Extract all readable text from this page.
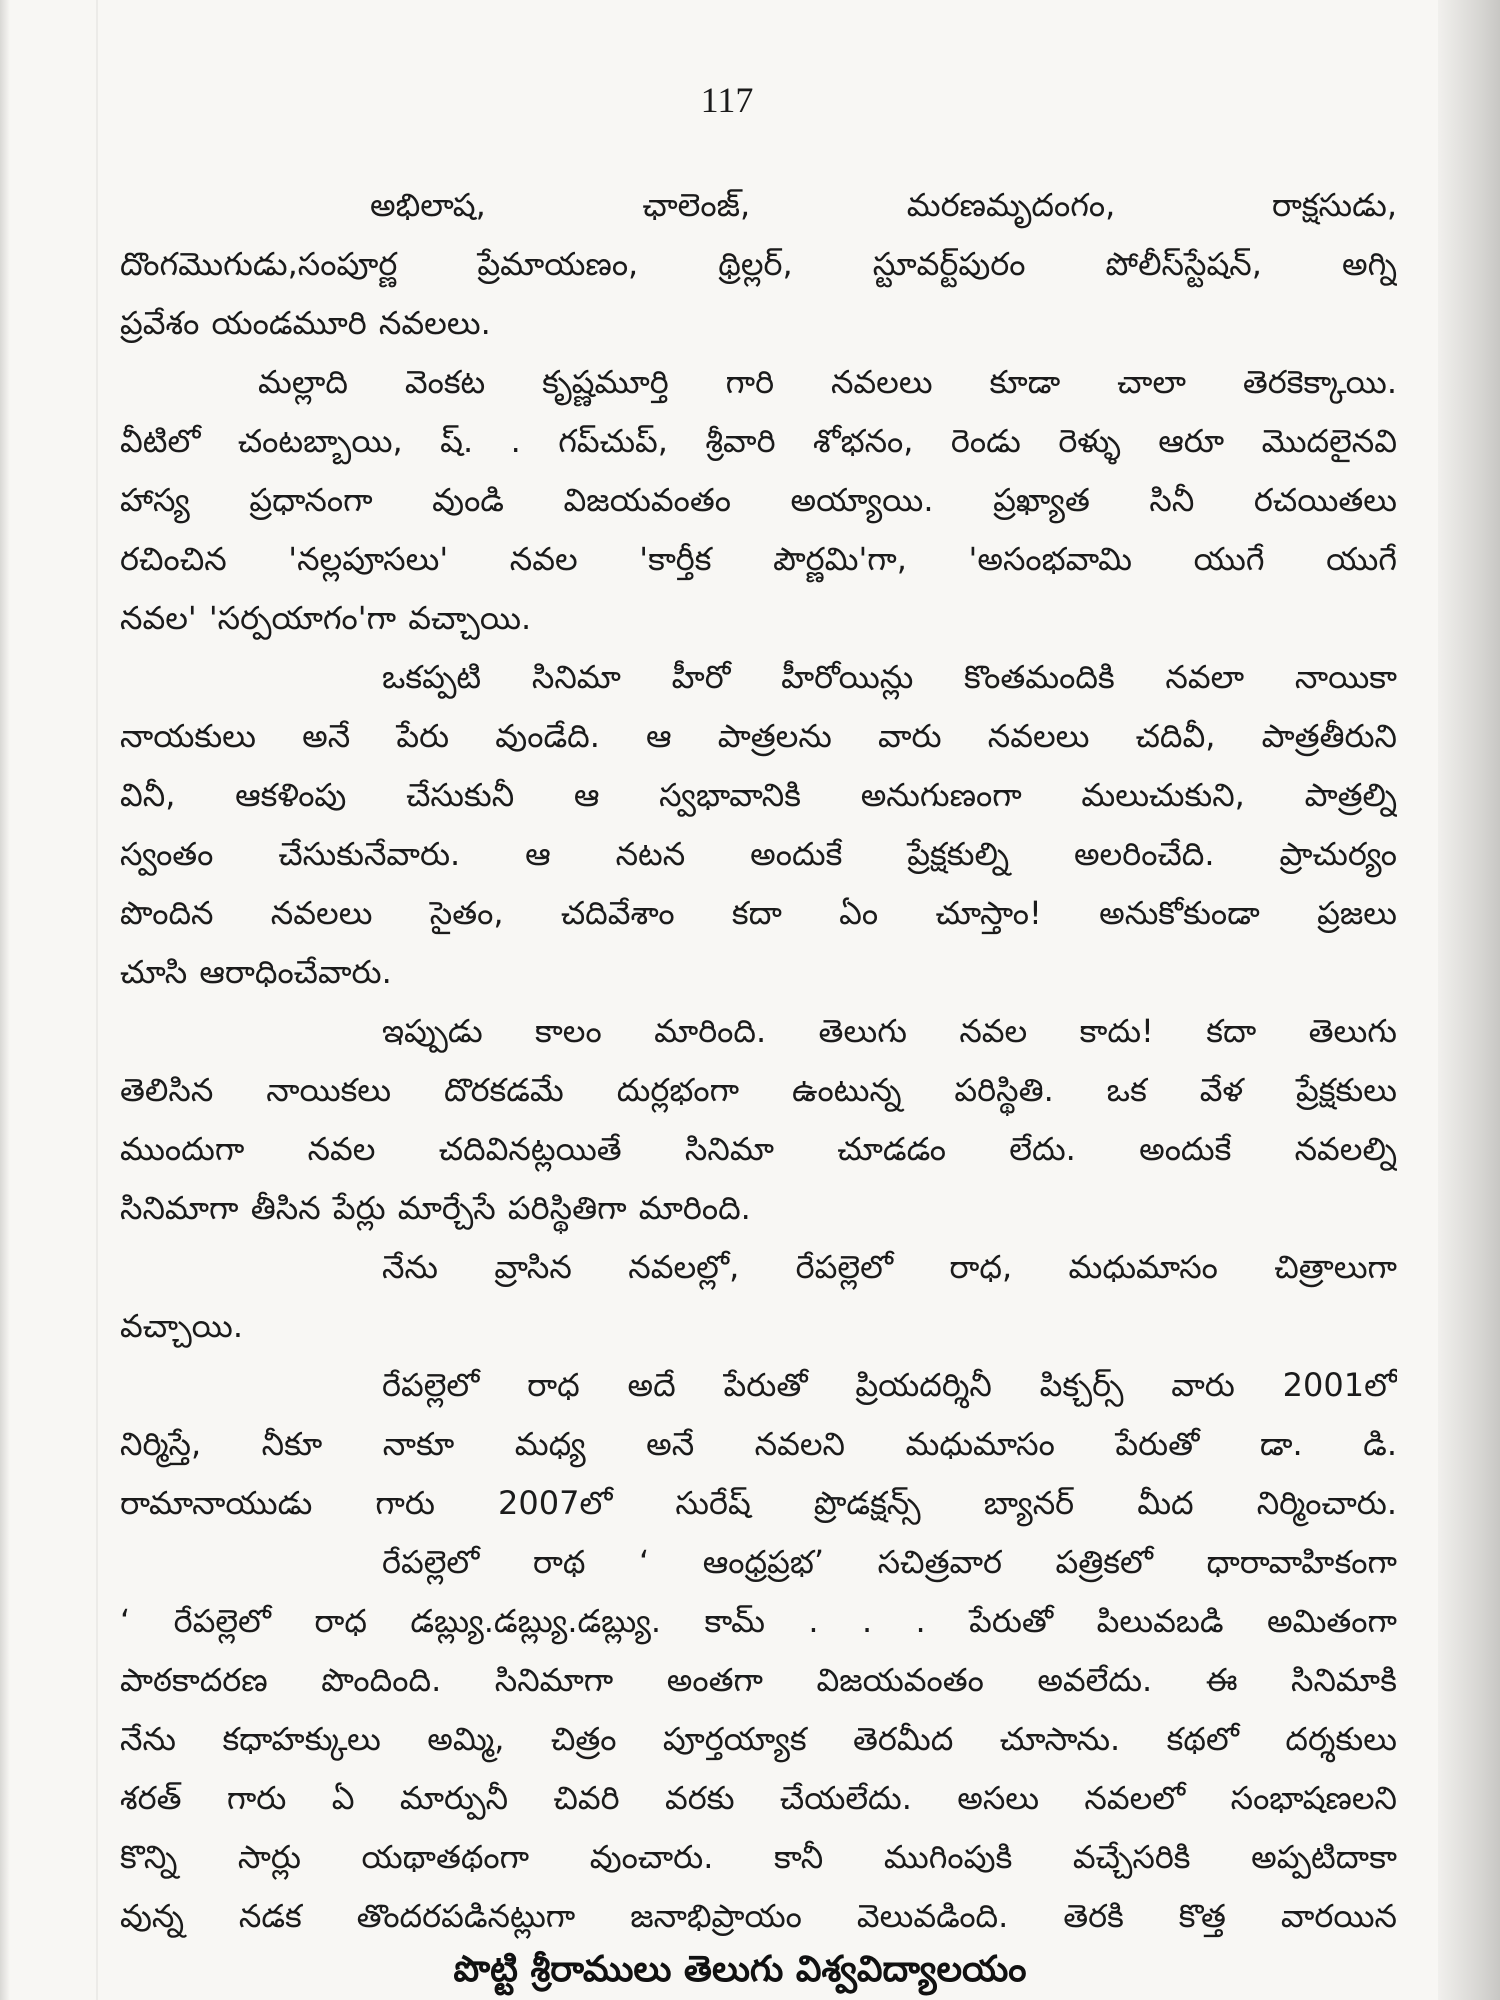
117
అభిలాష, ఛాలెంజ్, మరణమృదంగం, రాక్షసుడు,
దొంగమొగుడు,సంపూర్ణ ప్రేమాయణం, థ్రిల్లర్, స్టూవర్ట్‌పురం పోలీస్‌స్టేషన్, అగ్ని
ప్రవేశం యండమూరి నవలలు.
మల్లాది వెంకట కృష్ణమూర్తి గారి నవలలు కూడా చాలా తెరకెక్కాయి.
వీటిలో చంటబ్బాయి, ష్. . గప్‌చుప్, శ్రీవారి శోభనం, రెండు రెళ్ళు ఆరూ మొదలైనవి
హాస్య ప్రధానంగా వుండి విజయవంతం అయ్యాయి. ప్రఖ్యాత సినీ రచయితలు
రచించిన 'నల్లపూసలు' నవల 'కార్తీక పౌర్ణమి'గా, 'అసంభవామి యుగే యుగే
నవల' 'సర్పయాగం'గా వచ్చాయి.
ఒకప్పటి సినిమా హీరో హీరోయిన్లు కొంతమందికి నవలా నాయికా
నాయకులు అనే పేరు వుండేది. ఆ పాత్రలను వారు నవలలు చదివీ, పాత్రతీరుని
వినీ, ఆకళింపు చేసుకునీ ఆ స్వభావానికి అనుగుణంగా మలుచుకుని, పాత్రల్ని
స్వంతం చేసుకునేవారు. ఆ నటన అందుకే ప్రేక్షకుల్ని అలరించేది. ప్రాచుర్యం
పొందిన నవలలు సైతం, చదివేశాం కదా ఏం చూస్తాం! అనుకోకుండా ప్రజలు
చూసి ఆరాధించేవారు.
ఇప్పుడు కాలం మారింది. తెలుగు నవల కాదు! కదా తెలుగు
తెలిసిన నాయికలు దొరకడమే దుర్లభంగా ఉంటున్న పరిస్థితి. ఒక వేళ ప్రేక్షకులు
ముందుగా నవల చదివినట్లయితే సినిమా చూడడం లేదు. అందుకే నవలల్ని
సినిమాగా తీసిన పేర్లు మార్చేసే పరిస్థితిగా మారింది.
నేను వ్రాసిన నవలల్లో, రేపల్లెలో రాధ, మధుమాసం చిత్రాలుగా
వచ్చాయి.
రేపల్లెలో రాధ అదే పేరుతో ప్రియదర్శినీ పిక్చర్స్ వారు 2001లో
నిర్మిస్తే, నీకూ నాకూ మధ్య అనే నవలని మధుమాసం పేరుతో డా. డి.
రామానాయుడు గారు 2007లో సురేష్ ప్రొడక్షన్స్ బ్యానర్ మీద నిర్మించారు.
రేపల్లెలో రాథ ‘ ఆంధ్రప్రభ’ సచిత్రవార పత్రికలో ధారావాహికంగా
‘ రేపల్లెలో రాధ డబ్ల్యు.డబ్ల్యు.డబ్ల్యు. కామ్ . . . పేరుతో పిలువబడి అమితంగా
పాఠకాదరణ పొందింది. సినిమాగా అంతగా విజయవంతం అవలేదు. ఈ సినిమాకి
నేను కధాహక్కులు అమ్మి, చిత్రం పూర్తయ్యాక తెరమీద చూసాను. కథలో దర్శకులు
శరత్ గారు ఏ మార్పునీ చివరి వరకు చేయలేదు. అసలు నవలలో సంభాషణలని
కొన్ని సార్లు యథాతథంగా వుంచారు. కానీ ముగింపుకి వచ్చేసరికి అప్పటిదాకా
వున్న నడక తొందరపడినట్లుగా జనాభిప్రాయం వెలువడింది. తెరకి కొత్త వారయిన
పొట్టి శ్రీరాములు తెలుగు విశ్వవిద్యాలయం
